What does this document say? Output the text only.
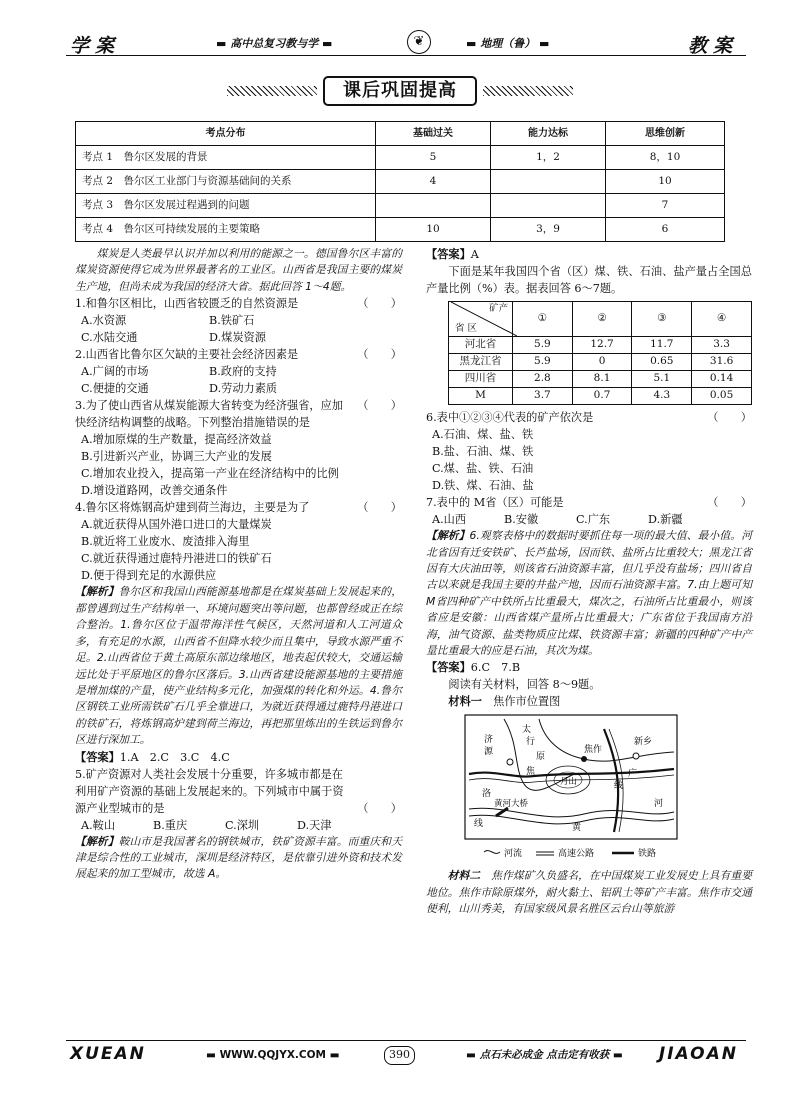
学案	▬ 高中总复习教与学 ▬	❦	▬ 地理（鲁） ▬	教案
课后巩固提高
考点分布	基础过关	能力达标	思维创新
考点 1　鲁尔区发展的背景	5	1，2	8，10
考点 2　鲁尔区工业部门与资源基础间的关系	4		10
考点 3　鲁尔区发展过程遇到的问题			7
考点 4　鲁尔区可持续发展的主要策略	10	3，9	6
煤炭是人类最早认识并加以利用的能源之一。德国鲁尔区丰富的煤炭资源使得它成为世界最著名的工业区。山西省是我国主要的煤炭生产地，但尚未成为我国的经济大省。据此回答 1～4题。
1.和鲁尔区相比，山西省较匮乏的自然资源是	（　　）
A.水资源	B.铁矿石
C.水陆交通	D.煤炭资源
2.山西省比鲁尔区欠缺的主要社会经济因素是	（　　）
A.广阔的市场	B.政府的支持
C.便捷的交通	D.劳动力素质
3.为了使山西省从煤炭能源大省转变为经济强省，应加快经济结构调整的战略。下列整治措施错误的是
（　　）
A.增加原煤的生产数量，提高经济效益
B.引进新兴产业，协调三大产业的发展
C.增加农业投入，提高第一产业在经济结构中的比例
D.增设道路网，改善交通条件
4.鲁尔区将炼钢高炉建到荷兰海边，主要是为了	（　　）
A.就近获得从国外港口进口的大量煤炭
B.就近将工业废水、废渣排入海里
C.就近获得通过鹿特丹港进口的铁矿石
D.便于得到充足的水源供应
【解析】鲁尔区和我国山西能源基地都是在煤炭基础上发展起来的，都曾遇到过生产结构单一、环境问题突出等问题，也都曾经或正在综合整治。1.鲁尔区位于温带海洋性气候区，天然河道和人工河道众多，有充足的水源，山西省不但降水较少而且集中，导致水源严重不足。2.山西省位于黄土高原东部边缘地区，地表起伏较大，交通运输远比处于平原地区的鲁尔区落后。3.山西省建设能源基地的主要措施是增加煤的产量，使产业结构多元化，加强煤的转化和外运。4.鲁尔区钢铁工业所需铁矿石几乎全靠进口，为就近获得通过鹿特丹港进口的铁矿石，将炼钢高炉建到荷兰海边，再把那里炼出的生铁运到鲁尔区进行深加工。
【答案】1.A　2.C　3.C　4.C
5.矿产资源对人类社会发展十分重要，许多城市都是在利用矿产资源的基础上发展起来的。下列城市中属于资源产业型城市的是	（　　）
A.鞍山	B.重庆	C.深圳	D.天津
【解析】鞍山市是我国著名的钢铁城市，铁矿资源丰富。而重庆和天津是综合性的工业城市，深圳是经济特区，是依靠引进外资和技术发展起来的加工型城市，故选 A。
【答案】A
下面是某年我国四个省（区）煤、铁、石油、盐产量占全国总产量比例（%）表。据表回答 6～7题。
矿产
省 区	①	②	③	④
河北省	5.9	12.7	11.7	3.3
黑龙江省	5.9	0	0.65	31.6
四川省	2.8	8.1	5.1	0.14
M	3.7	0.7	4.3	0.05
6.表中①②③④代表的矿产依次是	（　　）
A.石油、煤、盐、铁
B.盐、石油、煤、铁
C.煤、盐、铁、石油
D.铁、煤、石油、盐
7.表中的 M省（区）可能是	（　　）
A.山西	B.安徽	C.广东	D.新疆
【解析】6.观察表格中的数据时要抓住每一项的最大值、最小值。河北省因有迁安铁矿、长芦盐场，因而铁、盐所占比重较大；黑龙江省因有大庆油田等，则该省石油资源丰富，但几乎没有盐场；四川省自古以来就是我国主要的井盐产地，因而石油资源丰富。7.由上题可知 M省四种矿产中铁所占比重最大，煤次之，石油所占比重最小，则该省应是安徽：山西省煤产量所占比重最大；广东省位于我国南方沿海，油气资源、盐类物质应比煤、铁资源丰富；新疆的四种矿产中产量比重最大的应是石油，其次为煤。
【答案】6.C　7.B
阅读有关材料，回答 8～9题。
材料一　 焦作市位置图
济
源
太
行
原
焦作
新乡
焦
月山
广
洛
黄河大桥
线
线	黄
河
河流	高速公路	铁路
材料二　 焦作煤矿久负盛名，在中国煤炭工业发展史上具有重要地位。焦作市除原煤外，耐火黏土、铝矾土等矿产丰富。焦作市交通便利，山川秀美，有国家级风景名胜区云台山等旅游
XUEAN	▬ WWW.QQJYX.COM ▬	390	▬ 点石未必成金 点击定有收获 ▬ JIAOAN
